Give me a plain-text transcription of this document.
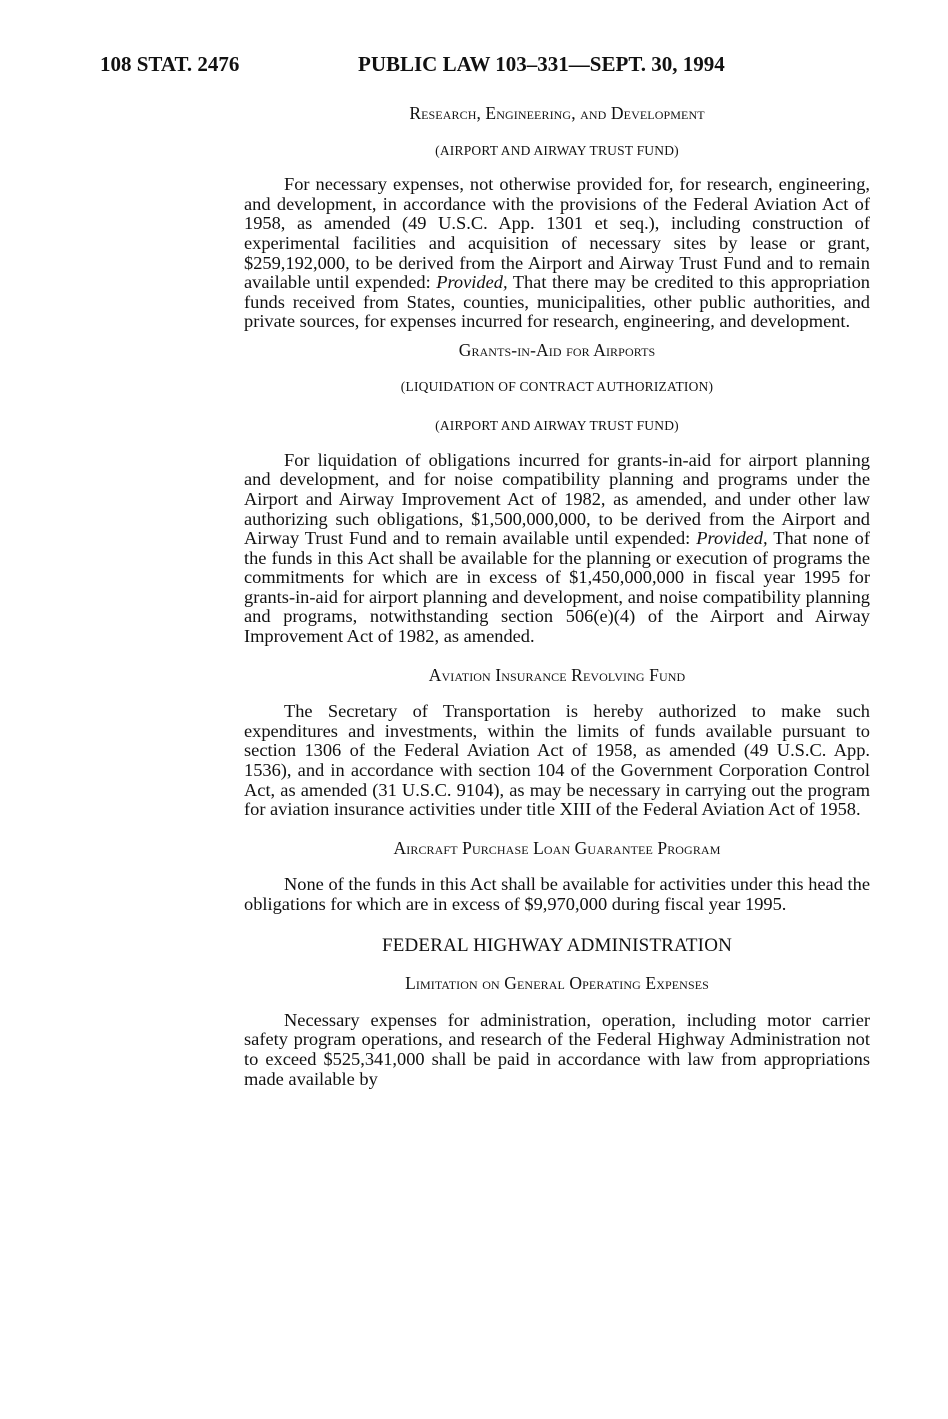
108 STAT. 2476	PUBLIC LAW 103–331—SEPT. 30, 1994
Research, Engineering, and Development
(AIRPORT AND AIRWAY TRUST FUND)

For necessary expenses, not otherwise provided for, for research, engineering, and development, in accordance with the provisions of the Federal Aviation Act of 1958, as amended (49 U.S.C. App. 1301 et seq.), including construction of experimental facilities and acquisition of necessary sites by lease or grant, $259,192,000, to be derived from the Airport and Airway Trust Fund and to remain available until expended: Provided, That there may be credited to this appropriation funds received from States, counties, municipalities, other public authorities, and private sources, for expenses incurred for research, engineering, and development.

Grants-in-Aid for Airports
(LIQUIDATION OF CONTRACT AUTHORIZATION)
(AIRPORT AND AIRWAY TRUST FUND)

For liquidation of obligations incurred for grants-in-aid for airport planning and development, and for noise compatibility planning and programs under the Airport and Airway Improvement Act of 1982, as amended, and under other law authorizing such obligations, $1,500,000,000, to be derived from the Airport and Airway Trust Fund and to remain available until expended: Provided, That none of the funds in this Act shall be available for the planning or execution of programs the commitments for which are in excess of $1,450,000,000 in fiscal year 1995 for grants-in-aid for airport planning and development, and noise compatibility planning and programs, notwithstanding section 506(e)(4) of the Airport and Airway Improvement Act of 1982, as amended.

Aviation Insurance Revolving Fund

The Secretary of Transportation is hereby authorized to make such expenditures and investments, within the limits of funds available pursuant to section 1306 of the Federal Aviation Act of 1958, as amended (49 U.S.C. App. 1536), and in accordance with section 104 of the Government Corporation Control Act, as amended (31 U.S.C. 9104), as may be necessary in carrying out the program for aviation insurance activities under title XIII of the Federal Aviation Act of 1958.

Aircraft Purchase Loan Guarantee Program

None of the funds in this Act shall be available for activities under this head the obligations for which are in excess of $9,970,000 during fiscal year 1995.

FEDERAL HIGHWAY ADMINISTRATION
Limitation on General Operating Expenses

Necessary expenses for administration, operation, including motor carrier safety program operations, and research of the Federal Highway Administration not to exceed $525,341,000 shall be paid in accordance with law from appropriations made available by
